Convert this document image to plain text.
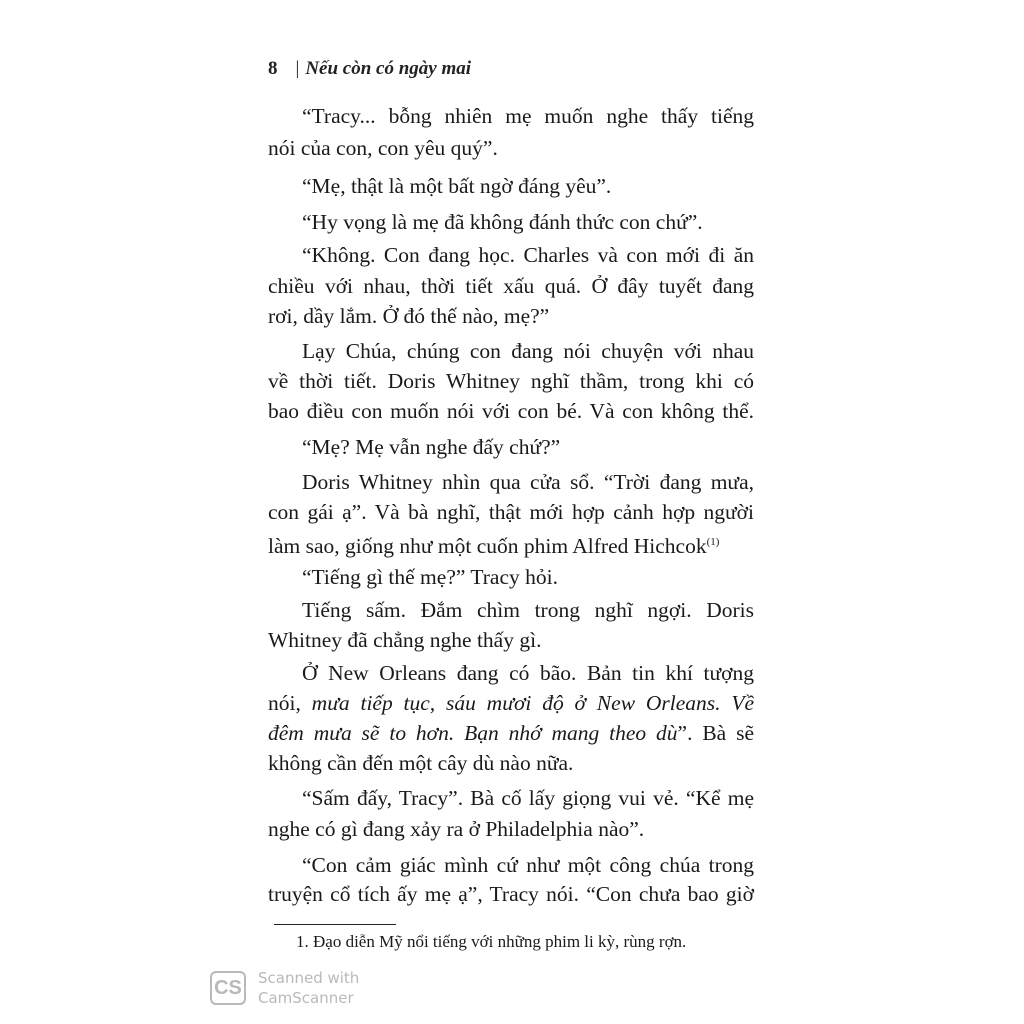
8 | Nếu còn có ngày mai
“Tracy... bỗng nhiên mẹ muốn nghe thấy tiếng
nói của con, con yêu quý”.
“Mẹ, thật là một bất ngờ đáng yêu”.
“Hy vọng là mẹ đã không đánh thức con chứ”.
“Không. Con đang học. Charles và con mới đi ăn
chiều với nhau, thời tiết xấu quá. Ở đây tuyết đang
rơi, dầy lắm. Ở đó thế nào, mẹ?”
Lạy Chúa, chúng con đang nói chuyện với nhau
về thời tiết. Doris Whitney nghĩ thầm, trong khi có
bao điều con muốn nói với con bé. Và con không thể.
“Mẹ? Mẹ vẫn nghe đấy chứ?”
Doris Whitney nhìn qua cửa sổ. “Trời đang mưa,
con gái ạ”. Và bà nghĩ, thật mới hợp cảnh hợp người
làm sao, giống như một cuốn phim Alfred Hichcok$^{(1)}$
“Tiếng gì thế mẹ?” Tracy hỏi.
Tiếng sấm. Đắm chìm trong nghĩ ngợi. Doris
Whitney đã chẳng nghe thấy gì.
Ở New Orleans đang có bão. Bản tin khí tượng
nói, mưa tiếp tục, sáu mươi độ ở New Orleans. Về
đêm mưa sẽ to hơn. Bạn nhớ mang theo dù”. Bà sẽ
không cần đến một cây dù nào nữa.
“Sấm đấy, Tracy”. Bà cố lấy giọng vui vẻ. “Kể mẹ
nghe có gì đang xảy ra ở Philadelphia nào”.
“Con cảm giác mình cứ như một công chúa trong
truyện cổ tích ấy mẹ ạ”, Tracy nói. “Con chưa bao giờ
1. Đạo diễn Mỹ nổi tiếng với những phim li kỳ, rùng rợn.
CS Scanned with
CamScanner
